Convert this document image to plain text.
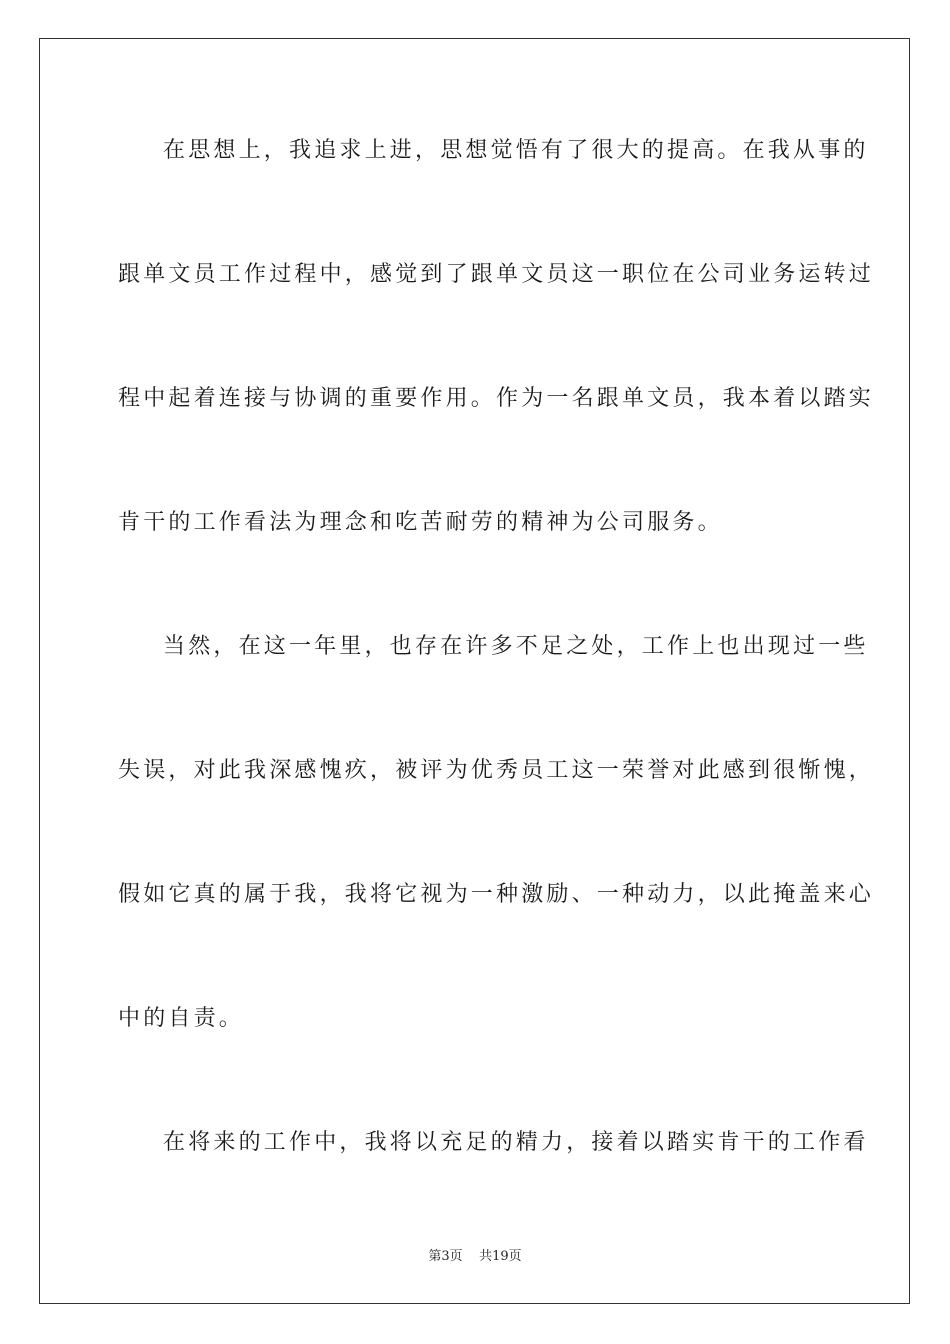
在思想上，我追求上进，思想觉悟有了很大的提高。在我从事的
跟单文员工作过程中，感觉到了跟单文员这一职位在公司业务运转过
程中起着连接与协调的重要作用。作为一名跟单文员，我本着以踏实
肯干的工作看法为理念和吃苦耐劳的精神为公司服务。
当然，在这一年里，也存在许多不足之处，工作上也出现过一些
失误，对此我深感愧疚，被评为优秀员工这一荣誉对此感到很惭愧，
假如它真的属于我，我将它视为一种激励、一种动力，以此掩盖来心
中的自责。
在将来的工作中，我将以充足的精力，接着以踏实肯干的工作看
第3页 共19页
